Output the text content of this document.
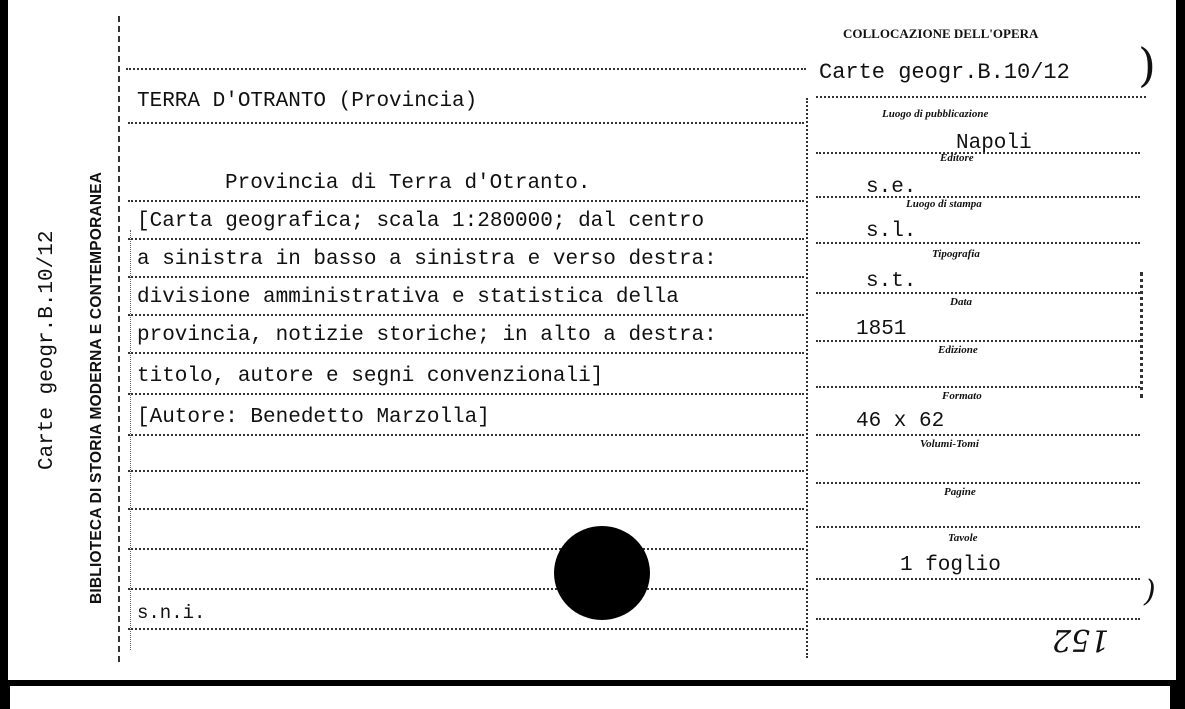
Carte geogr.B.10/12 BIBLIOTECA DI STORIA MODERNA E CONTEMPORANEA
COLLOCAZIONE DELL'OPERA
Carte geogr.B.10/12 )
TERRA D'OTRANTO (Provincia)
Provincia di Terra d'Otranto.
[Carta geografica; scala 1:280000; dal centro
a sinistra in basso a sinistra e verso destra:
divisione amministrativa e statistica della
provincia, notizie storiche; in alto a destra:
titolo, autore e segni convenzionali]
[Autore: Benedetto Marzolla]
s.n.i.
Luogo di pubblicazione
Napoli
Editore
s.e.
Luogo di stampa
s.l.
Tipografia
s.t.
Data
1851
Edizione
Formato
46 x 62
Volumi-Tomi
Pagine
Tavole
1 foglio
)
152
